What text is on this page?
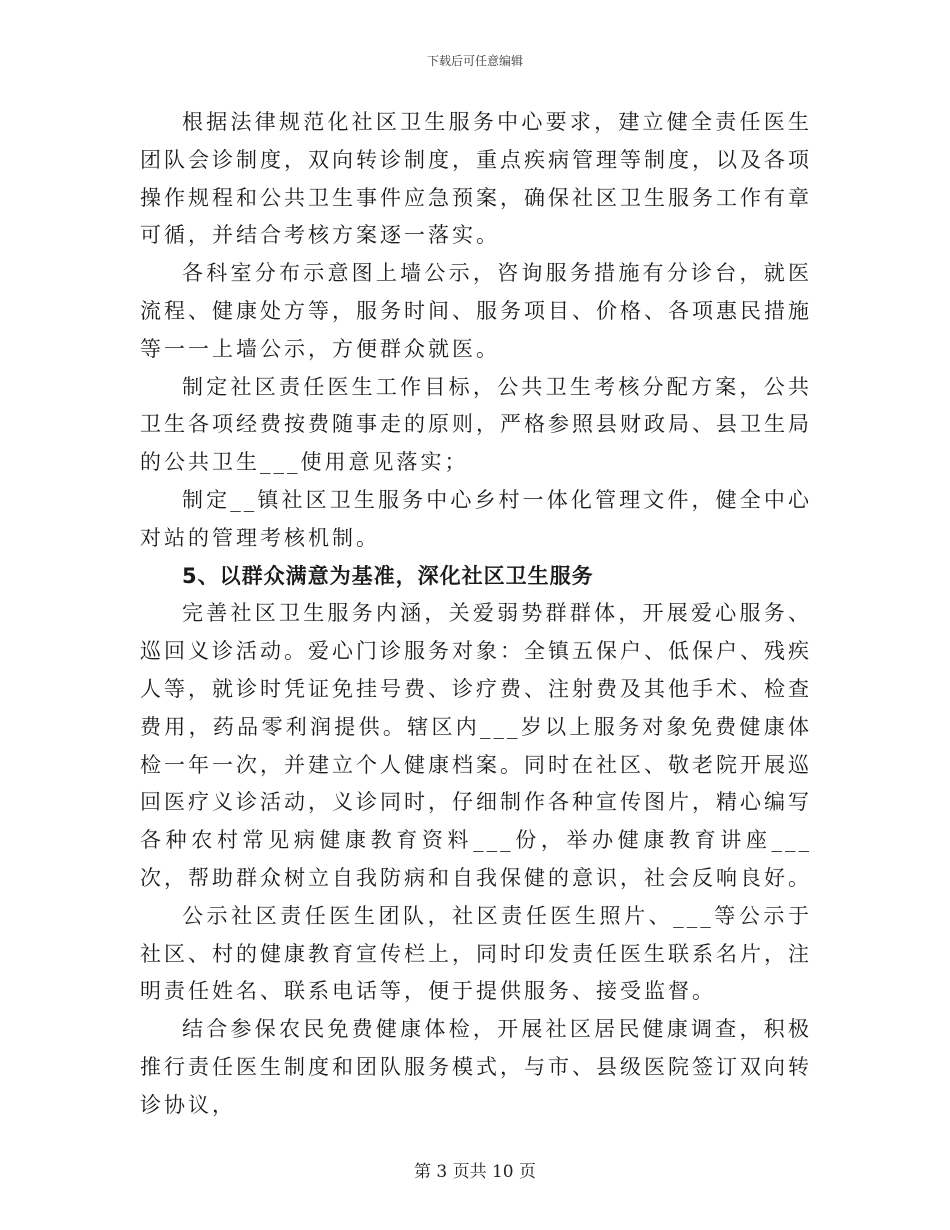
下载后可任意编辑

根据法律规范化社区卫生服务中心要求，建立健全责任医生团队会诊制度，双向转诊制度，重点疾病管理等制度，以及各项操作规程和公共卫生事件应急预案，确保社区卫生服务工作有章可循，并结合考核方案逐一落实。

各科室分布示意图上墙公示，咨询服务措施有分诊台，就医流程、健康处方等，服务时间、服务项目、价格、各项惠民措施等一一上墙公示，方便群众就医。

制定社区责任医生工作目标，公共卫生考核分配方案，公共卫生各项经费按费随事走的原则，严格参照县财政局、县卫生局的公共卫生___使用意见落实；

制定__镇社区卫生服务中心乡村一体化管理文件，健全中心对站的管理考核机制。

5、以群众满意为基准，深化社区卫生服务

完善社区卫生服务内涵，关爱弱势群群体，开展爱心服务、巡回义诊活动。爱心门诊服务对象：全镇五保户、低保户、残疾人等，就诊时凭证免挂号费、诊疗费、注射费及其他手术、检查费用，药品零利润提供。辖区内___岁以上服务对象免费健康体检一年一次，并建立个人健康档案。同时在社区、敬老院开展巡回医疗义诊活动，义诊同时，仔细制作各种宣传图片，精心编写各种农村常见病健康教育资料___份，举办健康教育讲座___次，帮助群众树立自我防病和自我保健的意识，社会反响良好。

公示社区责任医生团队，社区责任医生照片、___等公示于社区、村的健康教育宣传栏上，同时印发责任医生联系名片，注明责任姓名、联系电话等，便于提供服务、接受监督。

结合参保农民免费健康体检，开展社区居民健康调查，积极推行责任医生制度和团队服务模式，与市、县级医院签订双向转诊协议，

第 3 页共 10 页
